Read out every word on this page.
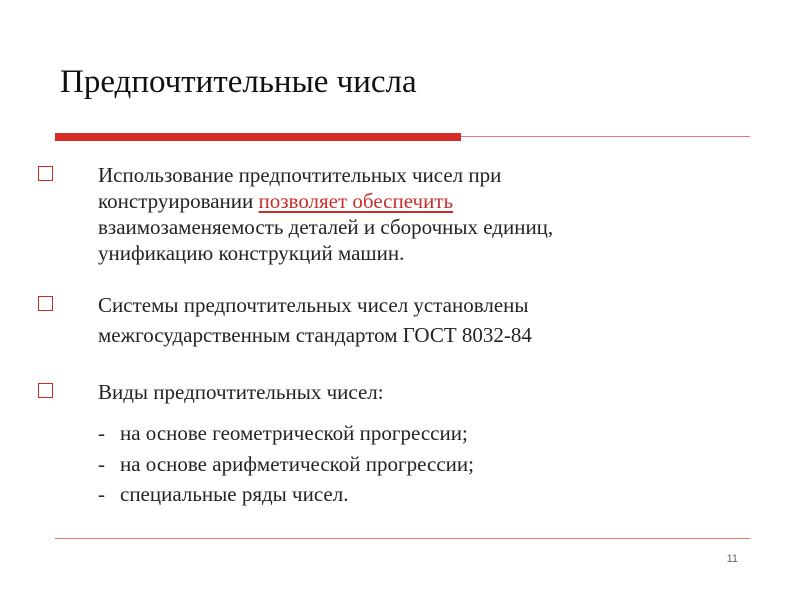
Предпочтительные числа
Использование предпочтительных чисел при
конструировании позволяет обеспечить
взаимозаменяемость деталей и сборочных единиц,
унификацию конструкций машин.
Системы предпочтительных чисел установлены
межгосударственным стандартом ГОСТ 8032-84
Виды предпочтительных чисел:
- на основе геометрической прогрессии;
- на основе арифметической прогрессии;
- специальные ряды чисел.
11
